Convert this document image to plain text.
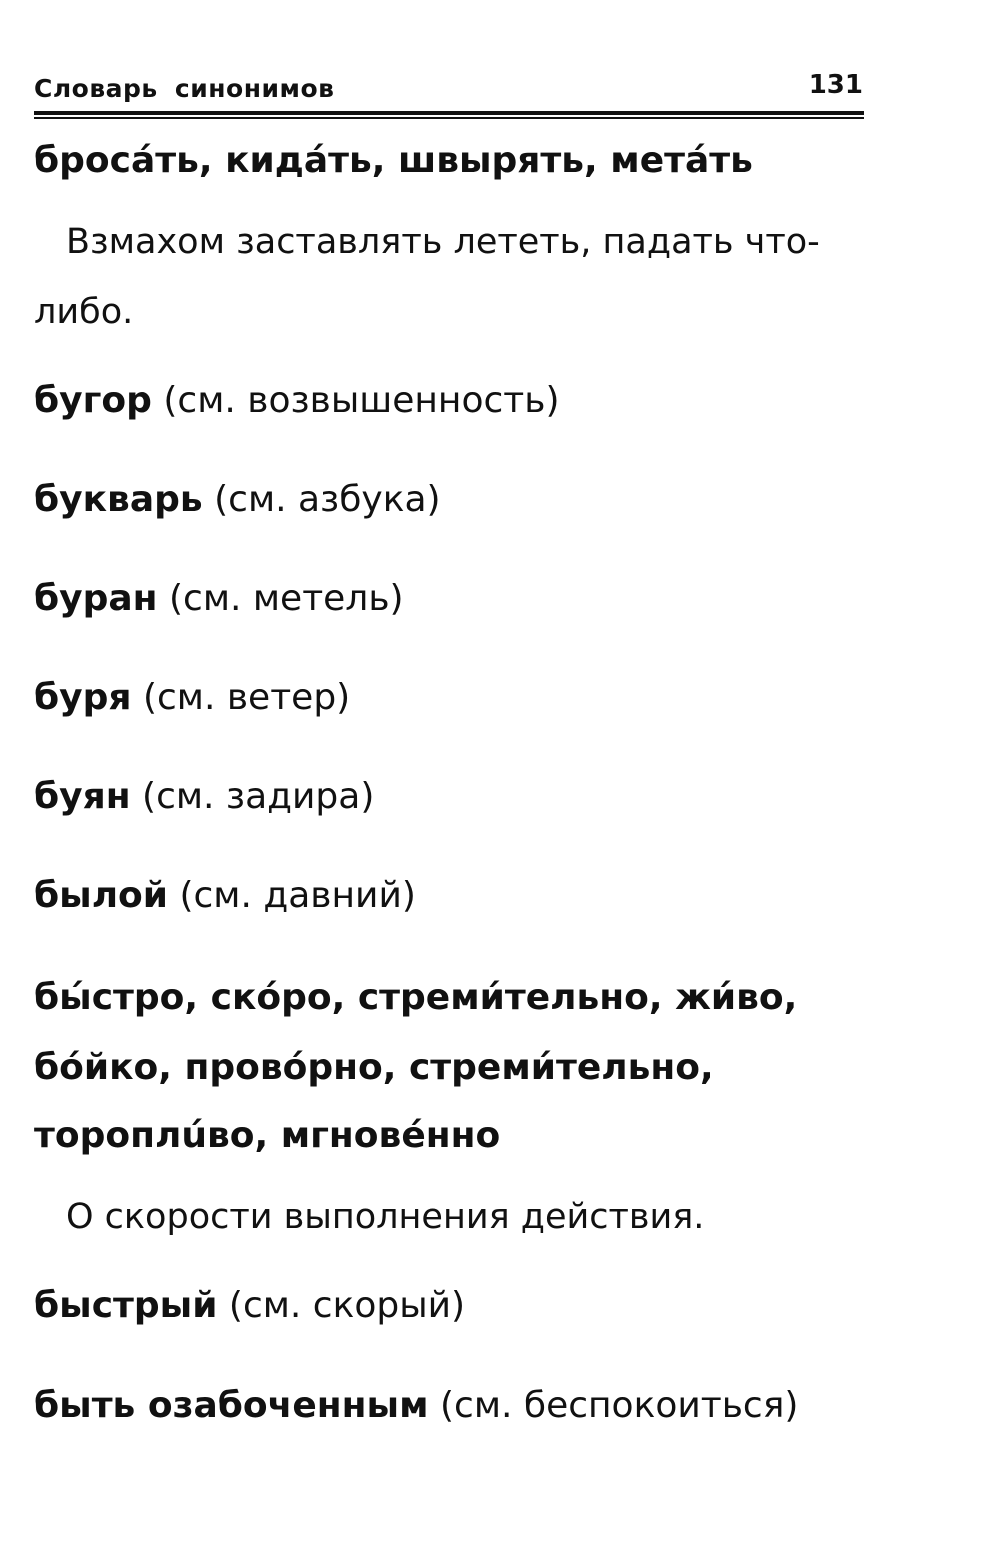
Словарь синонимов	131
бросáть, кидáть, швырять, метáть
Взмахом заставлять лететь, падать что-
либо.
бугор (см. возвышенность)
букварь (см. азбука)
буран (см. метель)
буря (см. ветер)
буян (см. задира)
былой (см. давний)
бы́стро, скóро, стреми́тельно, жи́во,
бóйко, провóрно, стреми́тельно,
тороплúво, мгновéнно
О скорости выполнения действия.
быстрый (см. скорый)
быть озабоченным (см. беспокоиться)
